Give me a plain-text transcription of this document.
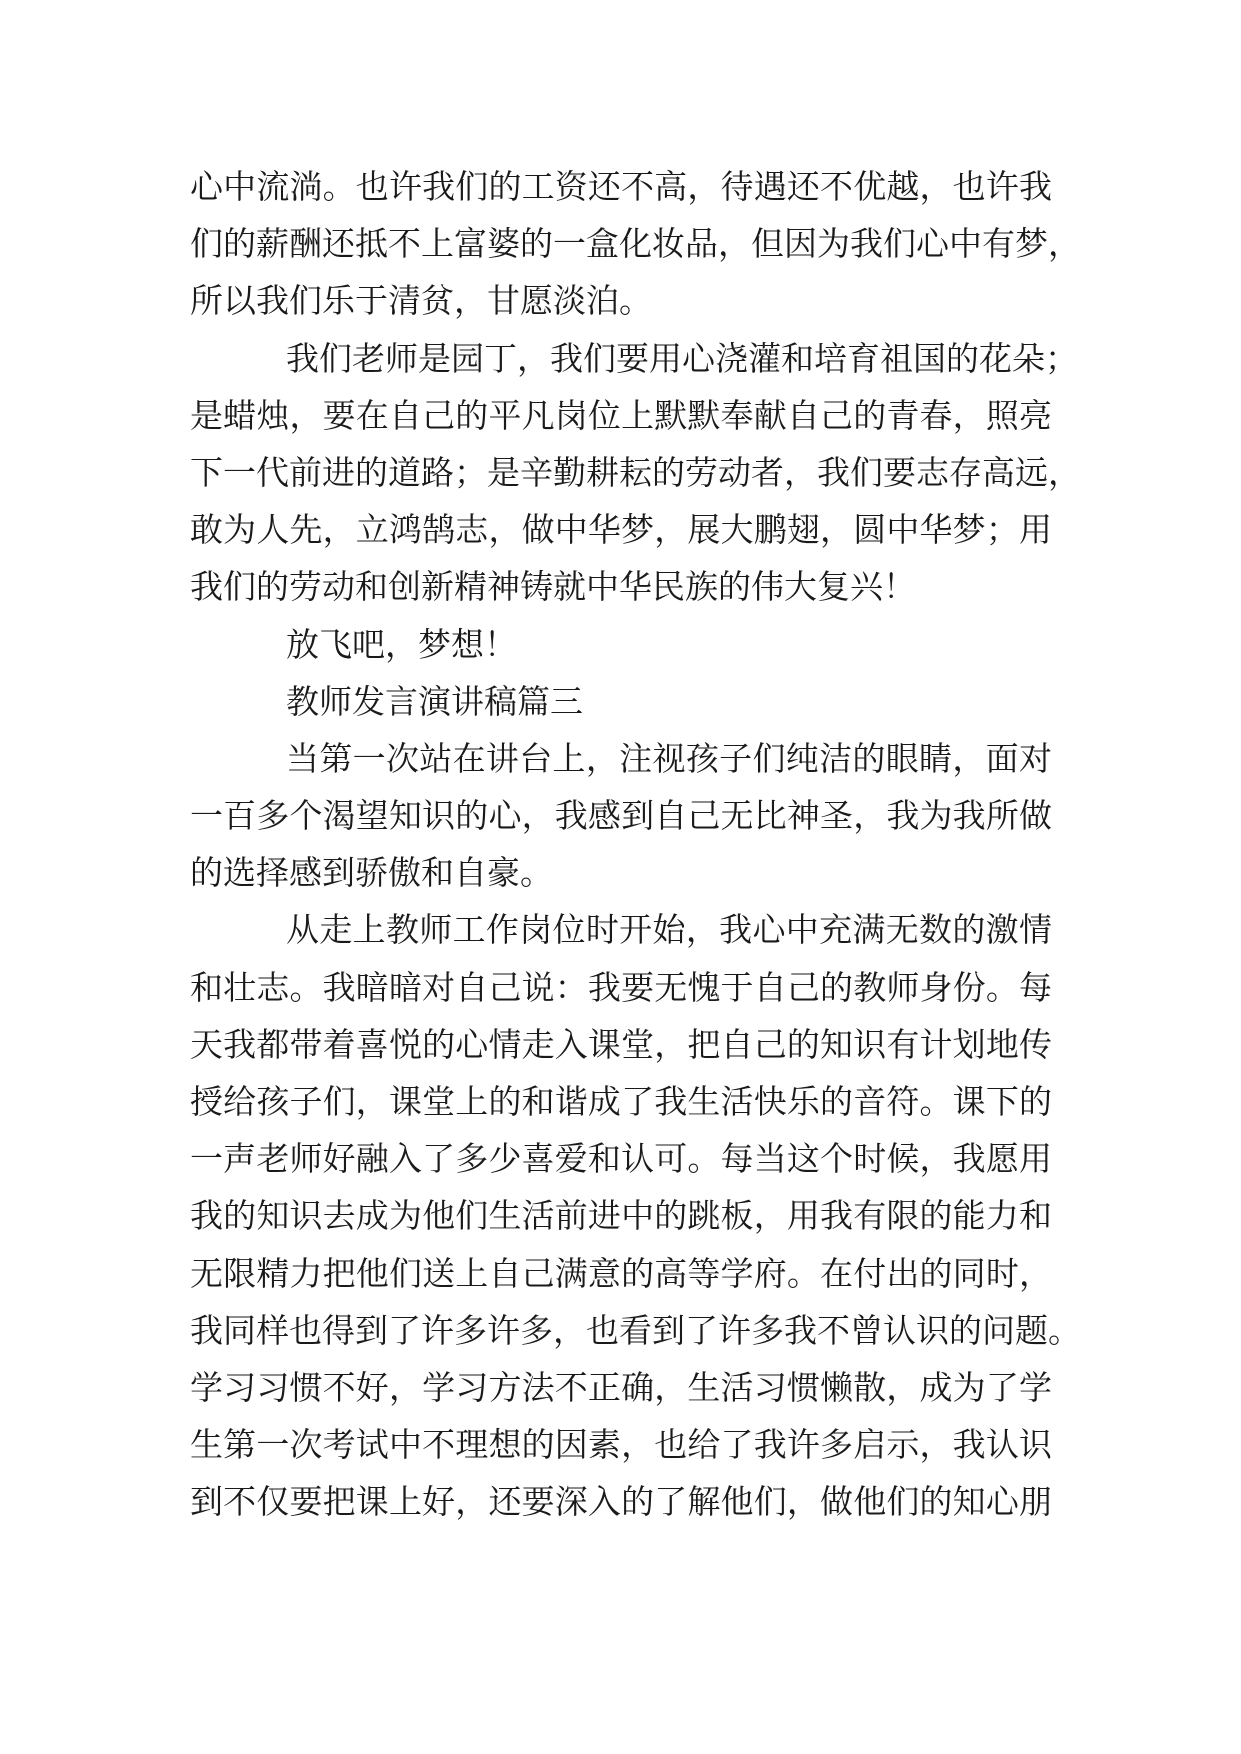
心中流淌。也许我们的工资还不高，待遇还不优越，也许我
们的薪酬还抵不上富婆的一盒化妆品，但因为我们心中有梦，
所以我们乐于清贫，甘愿淡泊。
我们老师是园丁，我们要用心浇灌和培育祖国的花朵；
是蜡烛，要在自己的平凡岗位上默默奉献自己的青春，照亮
下一代前进的道路；是辛勤耕耘的劳动者，我们要志存高远，
敢为人先，立鸿鹄志，做中华梦，展大鹏翅，圆中华梦；用
我们的劳动和创新精神铸就中华民族的伟大复兴！
放飞吧，梦想！
教师发言演讲稿篇三
当第一次站在讲台上，注视孩子们纯洁的眼睛，面对
一百多个渴望知识的心，我感到自己无比神圣，我为我所做
的选择感到骄傲和自豪。
从走上教师工作岗位时开始，我心中充满无数的激情
和壮志。我暗暗对自己说：我要无愧于自己的教师身份。每
天我都带着喜悦的心情走入课堂，把自己的知识有计划地传
授给孩子们，课堂上的和谐成了我生活快乐的音符。课下的
一声老师好融入了多少喜爱和认可。每当这个时候，我愿用
我的知识去成为他们生活前进中的跳板，用我有限的能力和
无限精力把他们送上自己满意的高等学府。在付出的同时，
我同样也得到了许多许多，也看到了许多我不曾认识的问题。
学习习惯不好，学习方法不正确，生活习惯懒散，成为了学
生第一次考试中不理想的因素，也给了我许多启示，我认识
到不仅要把课上好，还要深入的了解他们，做他们的知心朋
